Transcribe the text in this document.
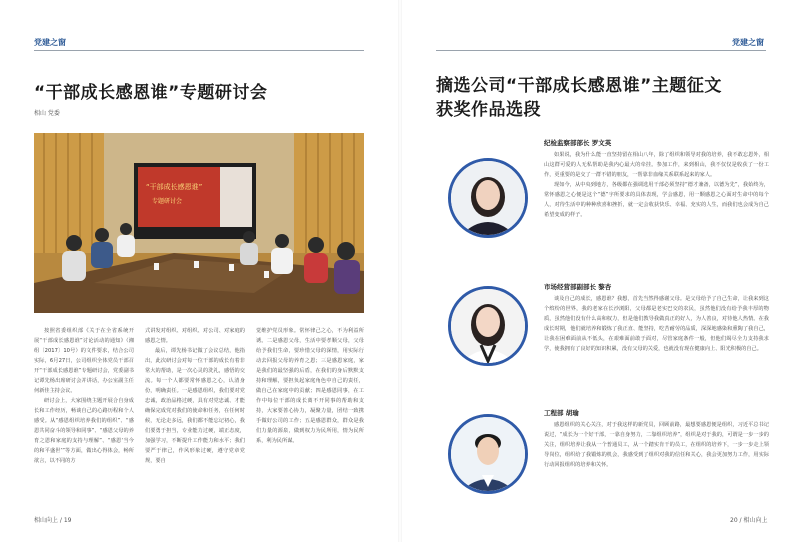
党建之窗
“干部成长感恩谁”专题研讨会
相山 党委
“干部成长感恩谁”
专题研讨会

按照省委组织部《关于在全省系统开展“干部成长感恩谁”讨论活动的通知》（湘组〔2017〕10号）的文件要求，结合公司实际，6月27日，公司组织全体党员干部召开“干部成长感恩谁”专题研讨会，党委副书记谭先杨出席研讨会并讲话，办公室副主任何新佳主持会议。

研讨会上，大家围绕主题开展合自身成长和工作经历，畅谈自己的心路历程和个人感受。从“感恩组织培养我们的组织”、“感恩共同奋斗的领导和同事”、“感恩父母的养育之恩和家庭的支持与理解”、“感恩‘当今的和平盛世’”等方面，做出心得体会，畅所欲言，以不同的方

式讲发对组织、对组织、对公司、对家庭的感恩之情。

最后，谭先杨书记做了会议总结，他指出，此次研讨会对每一位干部的成长有着非常大的帮助，是一次心灵的洗礼，感悟的交流。每一个人都要常怀感恩之心，认清身份，明确责任。一是感恩组织，我们要对党忠诚，政治品格过硬，具有对党忠诚、才能确保完成党对我们的使命和任务，在任何时候，无论走多远，我们都不能忘记初心，我们要勇于担当，专业能力过硬，端正态度，加强学习，不断提升工作能力和水平；我们要严于律己，作风形象过硬，遵守党章党规，要自

觉维护党员形象。常怀律己之心，不为利益所诱。二是感恩父母，生活中要孝顺父母，父母给予我们生命，要珍惜父母的深情，用实际行动去回报父母的养育之恩；三是感恩家庭，家是我们的最坚强的后盾，在我们的身后默默支持和理解，要担负起家庭角色中自己的责任，做自己在家庭中的贡献；四是感恩同事，在工作中每位干部的成长离不开同事的帮助和支持，大家要善心协力，凝聚力量，团结一致携手做好公司的工作；五是感恩群众，群众是我们力量的源泉，做到权力为民所用，情为民所系，利为民所谋。

相山向上 / 19
党建之窗
摘选公司“干部成长感恩谁”主题征文
获奖作品选段
纪检监察部部长 罗文英

如果说，我为什么能一直坚持留在相山八年，除了组织和领导对我的培养，我不敢忘恩外，相山这群可爱的人无私帮助是我内心最大的牵挂。参加工作，来到相山，我不仅仅是收获了一份工作，更重要的是交了一群不错的朋友，一帮靠非血缘关系联系起来的家人。

现如今，从中央到地方，各级都在强调选用干部必须坚持“德才兼备，以德为先”，我始终为，常怀感恩之心便是这个“德”字所要求的具体表现，学会感恩，用一颗感恩之心面对生命中的每个人，对待生活中的种种欣喜和挫折，就一定会收获快乐、幸福、充实的人生，而我们也会成为自己希望变成的样子。

市场经营部副部长 黎杏

谈及自己的成长，感恩谁？我想，首先当然得感谢父母。是父母给予了自己生命，让我来到这个缤纷的世界，我的老家在长沙浏阳，父母都是老实巴交的农民，虽然他们没有给予我丰厚的物质，虽然他们没有什么高和权力，但是他们教导我做真正的好人，为人善良，对待他人热情。在我成长时期，他们就培养和锻炼了我正直、能坚持，吃苦耐劳的品质，深深地感染和熏陶了我自己，让我在困难面前从不低头，在艰难面前敢于面对，尽管家庭条件一般，但他们竭尽全力支持我求学，使我拥有了良好的知识积累，没有父母的关爱，也就没有现在健康向上、阳光积极的自己。

工程部 胡瑜

感恩组织的关心关注，对于我这样的新党员，回顾前路，最想要感恩便是组织，习近平总书记说过，“成长为一个好干部，一靠自身努力，二靠组织培养”，组织是对于我的，可谓是一步一步的关注，组织培养让我从一个普通员工，从一个踏实肯干的员工，在组织的培养下，一步一步走上领导岗位，组织给了我锻炼的机会，我感受到了组织对我的信任和关心，我会更加努力工作，用实际行动回报组织的培养和关怀。

20 / 相山向上
